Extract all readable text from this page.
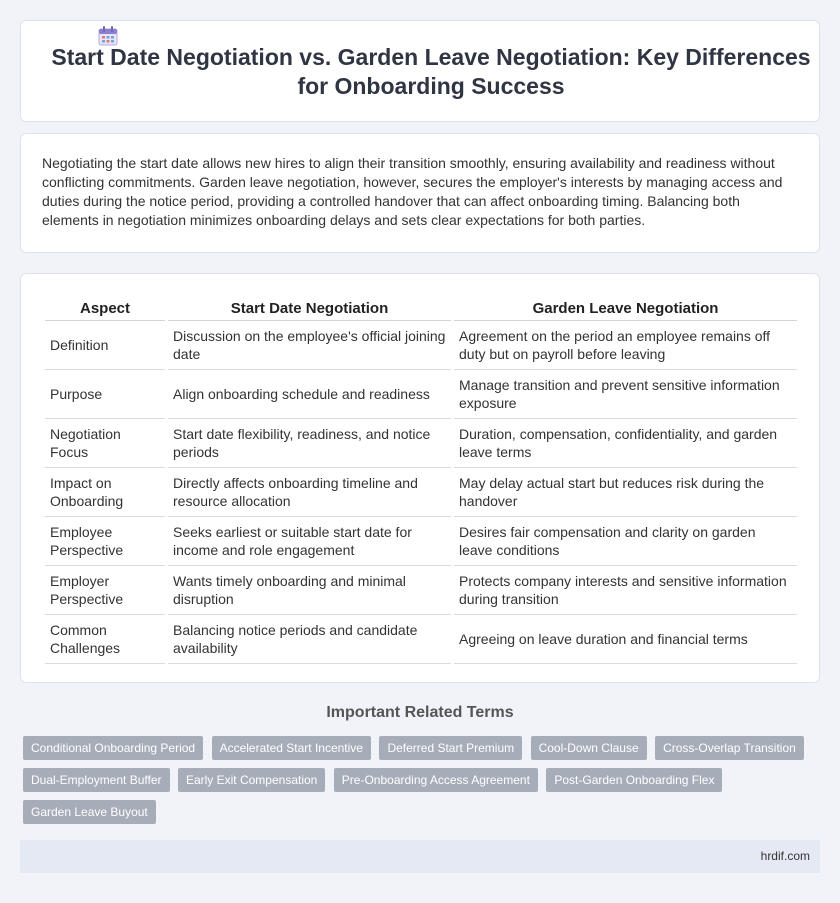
Start Date Negotiation vs. Garden Leave Negotiation: Key Differences for Onboarding Success

Negotiating the start date allows new hires to align their transition smoothly, ensuring availability and readiness without conflicting commitments. Garden leave negotiation, however, secures the employer's interests by managing access and duties during the notice period, providing a controlled handover that can affect onboarding timing. Balancing both elements in negotiation minimizes onboarding delays and sets clear expectations for both parties.

Aspect	Start Date Negotiation	Garden Leave Negotiation
Definition	Discussion on the employee's official joining date	Agreement on the period an employee remains off duty but on payroll before leaving
Purpose	Align onboarding schedule and readiness	Manage transition and prevent sensitive information exposure
Negotiation Focus	Start date flexibility, readiness, and notice periods	Duration, compensation, confidentiality, and garden leave terms
Impact on Onboarding	Directly affects onboarding timeline and resource allocation	May delay actual start but reduces risk during the handover
Employee Perspective	Seeks earliest or suitable start date for income and role engagement	Desires fair compensation and clarity on garden leave conditions
Employer Perspective	Wants timely onboarding and minimal disruption	Protects company interests and sensitive information during transition
Common Challenges	Balancing notice periods and candidate availability	Agreeing on leave duration and financial terms
Important Related Terms
Conditional Onboarding Period Accelerated Start Incentive Deferred Start Premium Cool-Down Clause Cross-Overlap Transition Dual-Employment Buffer Early Exit Compensation Pre-Onboarding Access Agreement Post-Garden Onboarding Flex Garden Leave Buyout
hrdif.com
